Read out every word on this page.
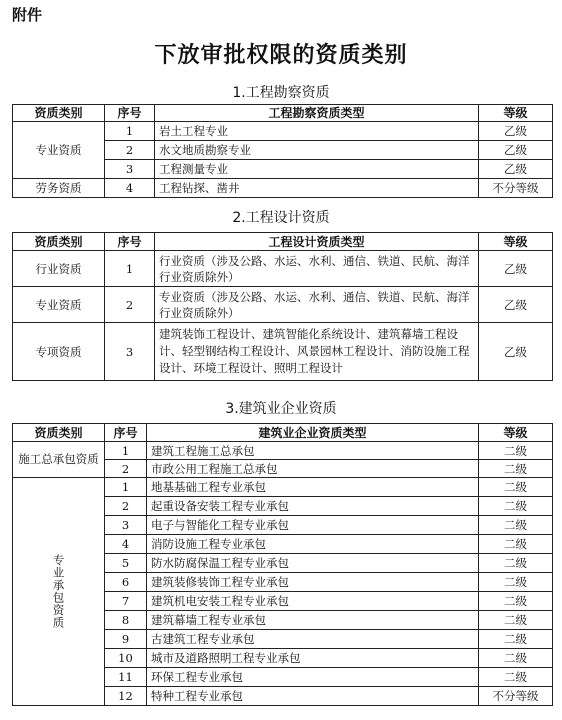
附件
下放审批权限的资质类别
1.工程勘察资质
资质类别	序号	工程勘察资质类型	等级
专业资质	1	岩土工程专业	乙级
	2	水文地质勘察专业	乙级
	3	工程测量专业	乙级
劳务资质	4	工程钻探、凿井	不分等级
2.工程设计资质
资质类别	序号	工程设计资质类型	等级
行业资质	1	行业资质（涉及公路、水运、水利、通信、铁道、民航、海洋行业资质除外）	乙级
专业资质	2	专业资质（涉及公路、水运、水利、通信、铁道、民航、海洋行业资质除外）	乙级
专项资质	3	建筑装饰工程设计、建筑智能化系统设计、建筑幕墙工程设计、轻型钢结构工程设计、风景园林工程设计、消防设施工程设计、环境工程设计、照明工程设计	乙级
3.建筑业企业资质
资质类别	序号	建筑业企业资质类型	等级
施工总承包资质	1	建筑工程施工总承包	二级
	2	市政公用工程施工总承包	二级

专业承包资质	1	地基基础工程专业承包	二级
	2	起重设备安装工程专业承包	二级
	3	电子与智能化工程专业承包	二级
	4	消防设施工程专业承包	二级
	5	防水防腐保温工程专业承包	二级
	6	建筑装修装饰工程专业承包	二级
	7	建筑机电安装工程专业承包	二级
	8	建筑幕墙工程专业承包	二级
	9	古建筑工程专业承包	二级
	10	城市及道路照明工程专业承包	二级
	11	环保工程专业承包	二级
	12	特种工程专业承包	不分等级
